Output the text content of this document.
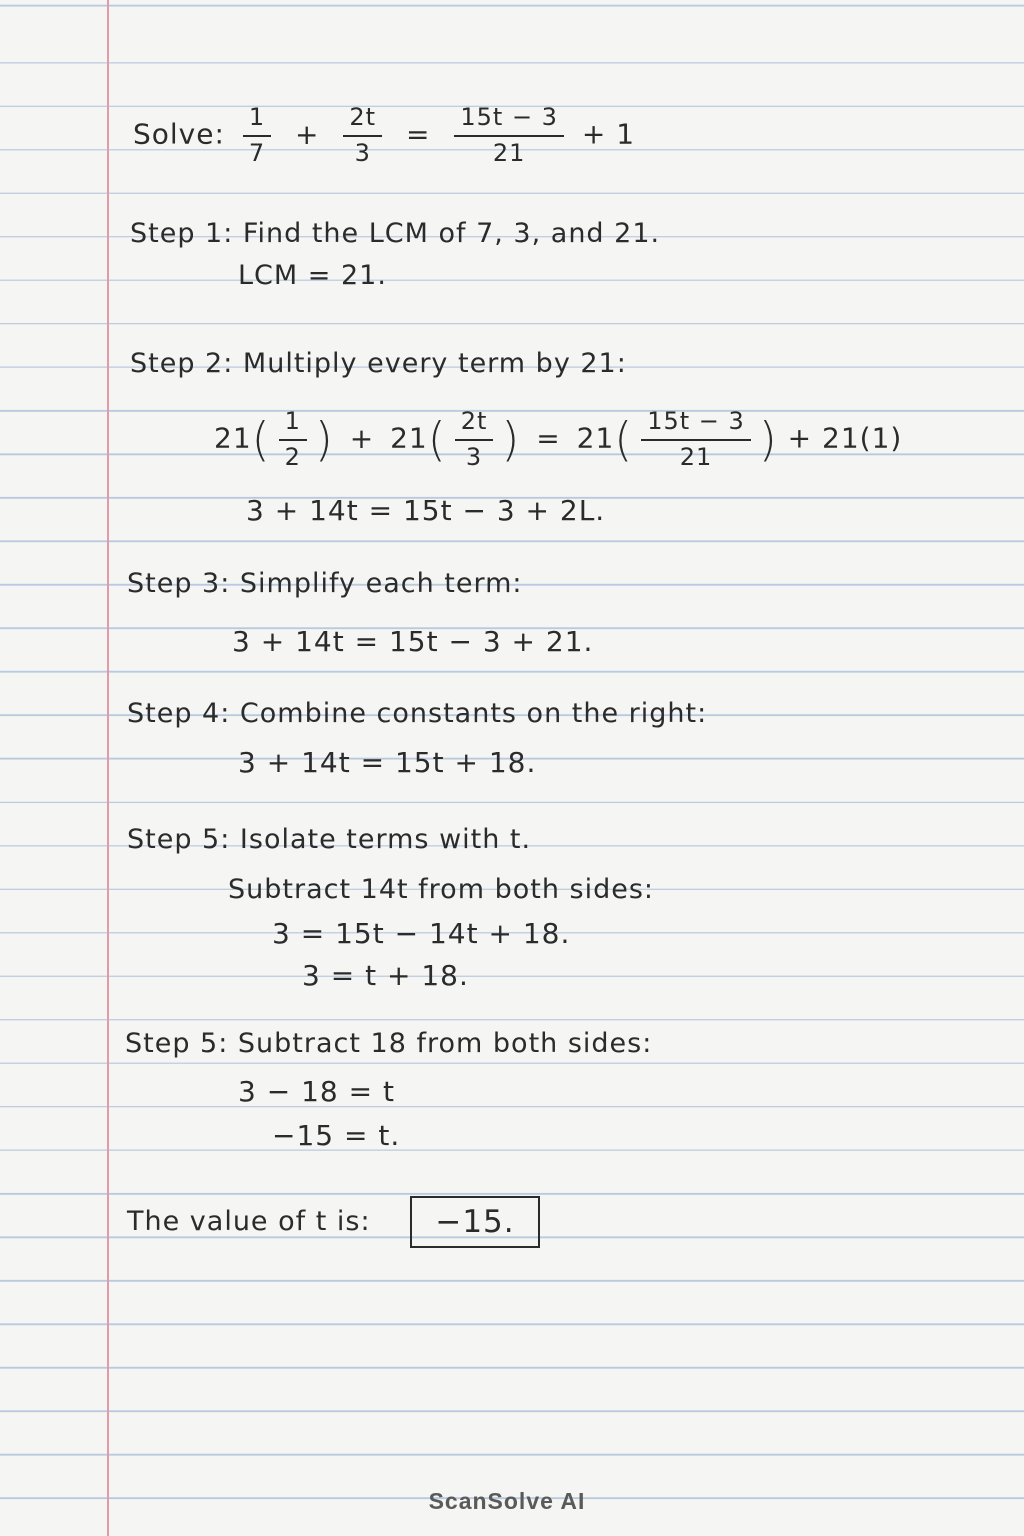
Solve: $\frac{1}{7} + \frac{2t}{3} = \frac{15t - 3}{21} + 1$
Step 1: Find the LCM of 7, 3, and 21.
LCM = 21.
Step 2: Multiply every term by 21:
$21( \frac{1}{2}$ ) + $21( \frac{2t}{3}$ ) = $21( \frac{15t - 3}{21}$ ) + 21(1)
3 + 14t = 15t − 3 + 2L.
Step 3: Simplify each term:
3 + 14t = 15t − 3 + 21.
Step 4: Combine constants on the right:
3 + 14t = 15t + 18.
Step 5: Isolate terms with t.
Subtract 14t from both sides:
3 = 15t − 14t + 18.
3 = t + 18.
Step 5: Subtract 18 from both sides:
3 − 18 = t
−15 = t.
The value of t is: −15.
ScanSolve AI
